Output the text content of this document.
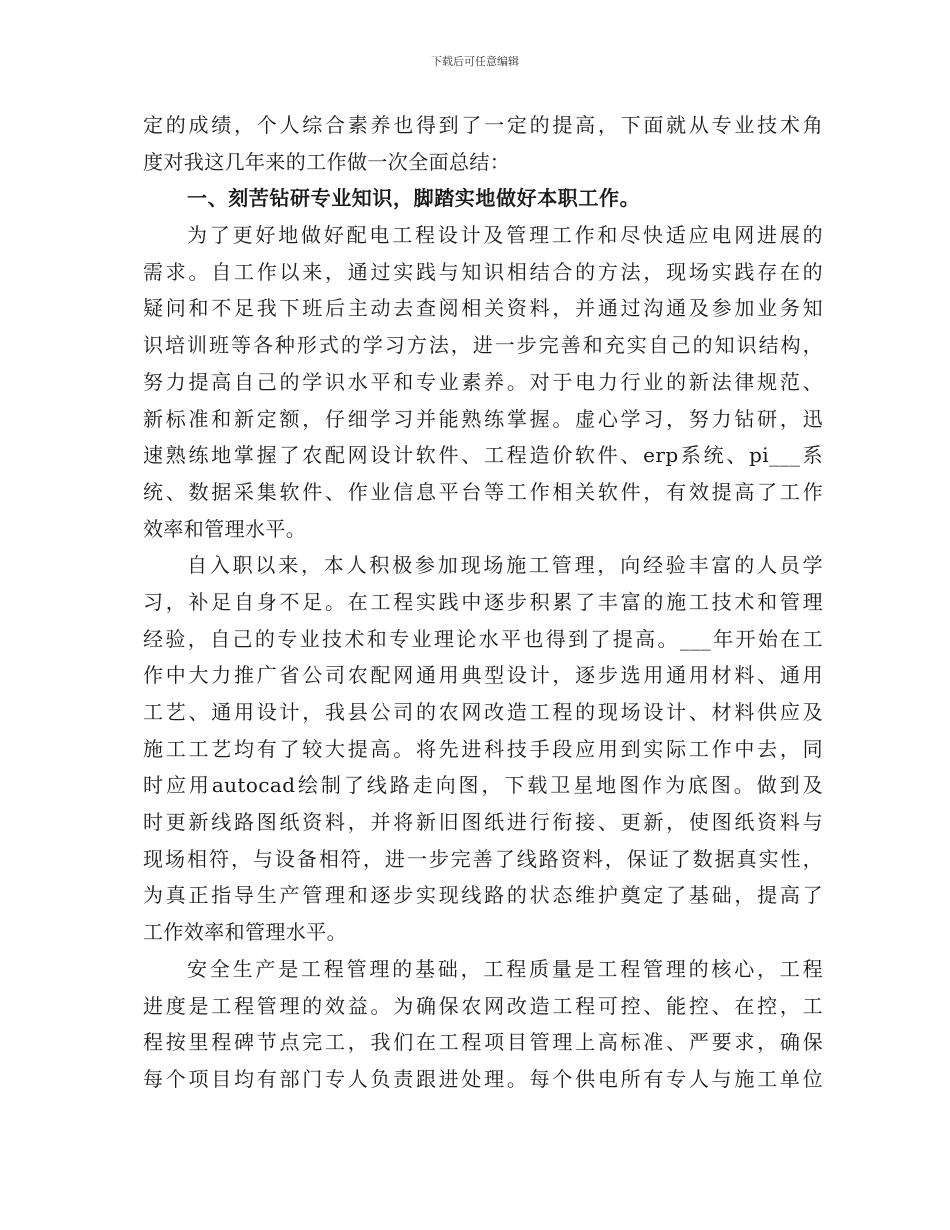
下载后可任意编辑
定的成绩，个人综合素养也得到了一定的提高，下面就从专业技术角
度对我这几年来的工作做一次全面总结：
一、刻苦钻研专业知识，脚踏实地做好本职工作。
为了更好地做好配电工程设计及管理工作和尽快适应电网进展的
需求。自工作以来，通过实践与知识相结合的方法，现场实践存在的
疑问和不足我下班后主动去查阅相关资料，并通过沟通及参加业务知
识培训班等各种形式的学习方法，进一步完善和充实自己的知识结构，
努力提高自己的学识水平和专业素养。对于电力行业的新法律规范、
新标准和新定额，仔细学习并能熟练掌握。虚心学习，努力钻研，迅
速熟练地掌握了农配网设计软件、工程造价软件、erp系统、pi___系
统、数据采集软件、作业信息平台等工作相关软件，有效提高了工作
效率和管理水平。
自入职以来，本人积极参加现场施工管理，向经验丰富的人员学
习，补足自身不足。在工程实践中逐步积累了丰富的施工技术和管理
经验，自己的专业技术和专业理论水平也得到了提高。___年开始在工
作中大力推广省公司农配网通用典型设计，逐步选用通用材料、通用
工艺、通用设计，我县公司的农网改造工程的现场设计、材料供应及
施工工艺均有了较大提高。将先进科技手段应用到实际工作中去，同
时应用autocad绘制了线路走向图，下载卫星地图作为底图。做到及
时更新线路图纸资料，并将新旧图纸进行衔接、更新，使图纸资料与
现场相符，与设备相符，进一步完善了线路资料，保证了数据真实性，
为真正指导生产管理和逐步实现线路的状态维护奠定了基础，提高了
工作效率和管理水平。
安全生产是工程管理的基础，工程质量是工程管理的核心，工程
进度是工程管理的效益。为确保农网改造工程可控、能控、在控，工
程按里程碑节点完工，我们在工程项目管理上高标准、严要求，确保
每个项目均有部门专人负责跟进处理。每个供电所有专人与施工单位
